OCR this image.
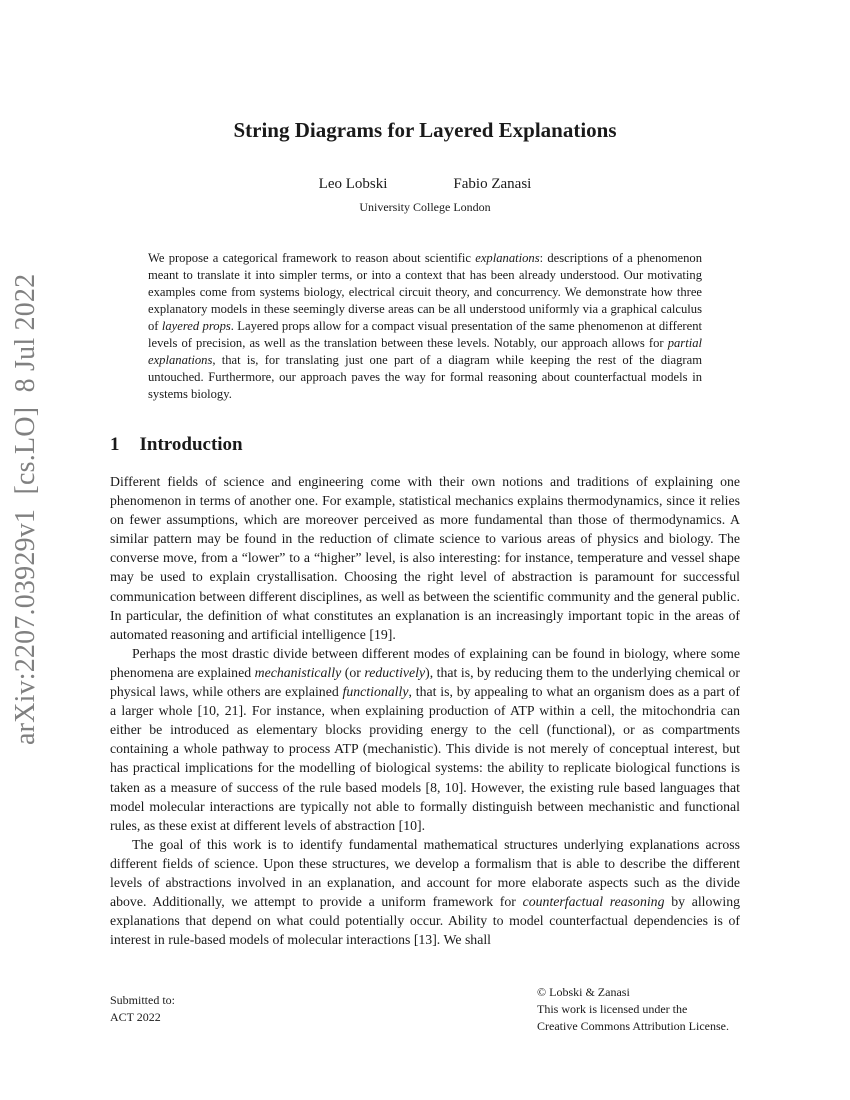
arXiv:2207.03929v1  [cs.LO]  8 Jul 2022
String Diagrams for Layered Explanations
Leo Lobski	Fabio Zanasi
University College London

We propose a categorical framework to reason about scientific explanations: descriptions of a phenomenon meant to translate it into simpler terms, or into a context that has been already understood. Our motivating examples come from systems biology, electrical circuit theory, and concurrency. We demonstrate how three explanatory models in these seemingly diverse areas can be all understood uniformly via a graphical calculus of layered props. Layered props allow for a compact visual presentation of the same phenomenon at different levels of precision, as well as the translation between these levels. Notably, our approach allows for partial explanations, that is, for translating just one part of a diagram while keeping the rest of the diagram untouched. Furthermore, our approach paves the way for formal reasoning about counterfactual models in systems biology.

1 Introduction

Different fields of science and engineering come with their own notions and traditions of explaining one phenomenon in terms of another one. For example, statistical mechanics explains thermodynamics, since it relies on fewer assumptions, which are moreover perceived as more fundamental than those of thermodynamics. A similar pattern may be found in the reduction of climate science to various areas of physics and biology. The converse move, from a “lower” to a “higher” level, is also interesting: for instance, temperature and vessel shape may be used to explain crystallisation. Choosing the right level of abstraction is paramount for successful communication between different disciplines, as well as between the scientific community and the general public. In particular, the definition of what constitutes an explanation is an increasingly important topic in the areas of automated reasoning and artificial intelligence [19].

Perhaps the most drastic divide between different modes of explaining can be found in biology, where some phenomena are explained mechanistically (or reductively), that is, by reducing them to the underlying chemical or physical laws, while others are explained functionally, that is, by appealing to what an organism does as a part of a larger whole [10, 21]. For instance, when explaining production of ATP within a cell, the mitochondria can either be introduced as elementary blocks providing energy to the cell (functional), or as compartments containing a whole pathway to process ATP (mechanistic). This divide is not merely of conceptual interest, but has practical implications for the modelling of biological systems: the ability to replicate biological functions is taken as a measure of success of the rule based models [8, 10]. However, the existing rule based languages that model molecular interactions are typically not able to formally distinguish between mechanistic and functional rules, as these exist at different levels of abstraction [10].

The goal of this work is to identify fundamental mathematical structures underlying explanations across different fields of science. Upon these structures, we develop a formalism that is able to describe the different levels of abstractions involved in an explanation, and account for more elaborate aspects such as the divide above. Additionally, we attempt to provide a uniform framework for counterfactual reasoning by allowing explanations that depend on what could potentially occur. Ability to model counterfactual dependencies is of interest in rule-based models of molecular interactions [13]. We shall

Submitted to:
ACT 2022
© Lobski & Zanasi
This work is licensed under the
Creative Commons Attribution License.
